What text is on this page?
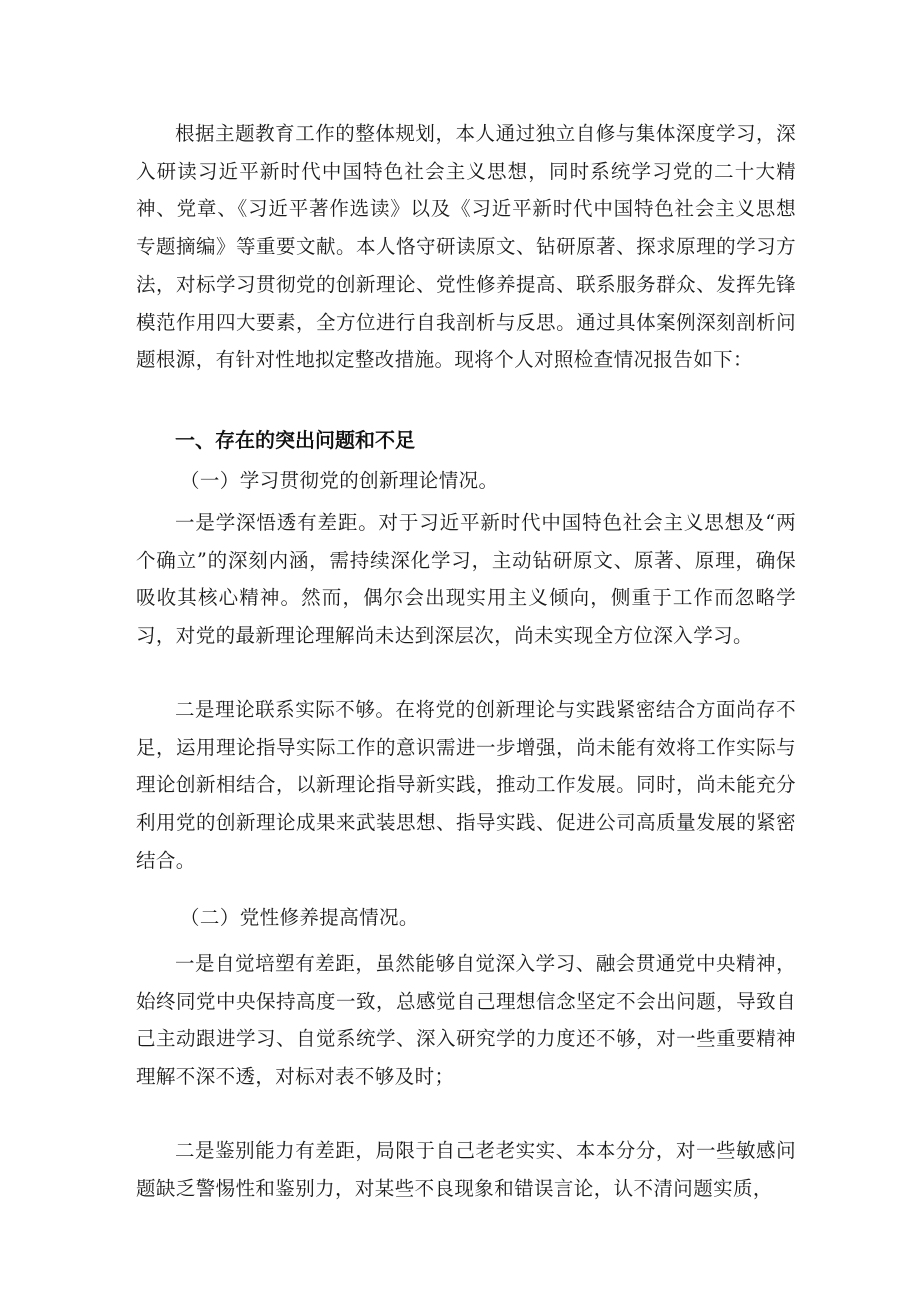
根据主题教育工作的整体规划，本人通过独立自修与集体深度学习，深入研读习近平新时代中国特色社会主义思想，同时系统学习党的二十大精神、党章、《习近平著作选读》以及《习近平新时代中国特色社会主义思想专题摘编》等重要文献。本人恪守研读原文、钻研原著、探求原理的学习方法，对标学习贯彻党的创新理论、党性修养提高、联系服务群众、发挥先锋模范作用四大要素，全方位进行自我剖析与反思。通过具体案例深刻剖析问题根源，有针对性地拟定整改措施。现将个人对照检查情况报告如下：

一、存在的突出问题和不足

（一）学习贯彻党的创新理论情况。

一是学深悟透有差距。对于习近平新时代中国特色社会主义思想及“两个确立”的深刻内涵，需持续深化学习，主动钻研原文、原著、原理，确保吸收其核心精神。然而，偶尔会出现实用主义倾向，侧重于工作而忽略学习，对党的最新理论理解尚未达到深层次，尚未实现全方位深入学习。

二是理论联系实际不够。在将党的创新理论与实践紧密结合方面尚存不足，运用理论指导实际工作的意识需进一步增强，尚未能有效将工作实际与理论创新相结合，以新理论指导新实践，推动工作发展。同时，尚未能充分利用党的创新理论成果来武装思想、指导实践、促进公司高质量发展的紧密结合。

（二）党性修养提高情况。

一是自觉培塑有差距，虽然能够自觉深入学习、融会贯通党中央精神，始终同党中央保持高度一致，总感觉自己理想信念坚定不会出问题，导致自己主动跟进学习、自觉系统学、深入研究学的力度还不够，对一些重要精神理解不深不透，对标对表不够及时；

二是鉴别能力有差距，局限于自己老老实实、本本分分，对一些敏感问题缺乏警惕性和鉴别力，对某些不良现象和错误言论，认不清问题实质，
